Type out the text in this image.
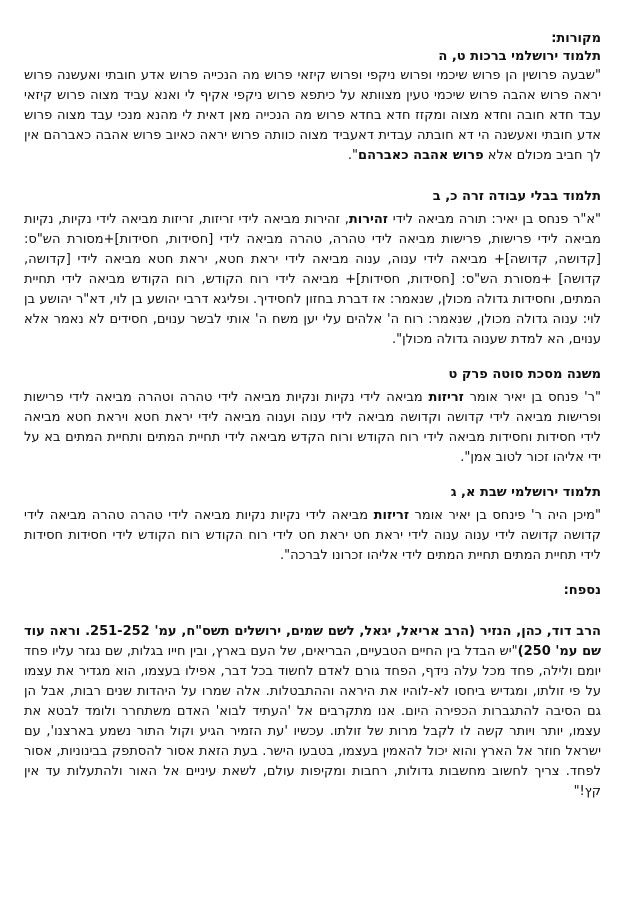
מקורות:
תלמוד ירושלמי ברכות ט, ה

"שבעה פרושין הן פרוש שיכמי ופרוש ניקפי ופרוש קיזאי פרוש מה הנכייה פרוש אדע חובתי ואעשנה פרוש יראה פרוש אהבה פרוש שיכמי טעין מצוותא על כיתפא פרוש ניקפי אקיף לי ואנא עביד מצוה פרוש קיזאי עבד חדא חובה וחדא מצוה ומקזז חדא בחדא פרוש מה הנכייה מאן דאית לי מהנא מנכי עבד מצוה פרוש אדע חובתי ואעשנה הי דא חובתה עבדית דאעביד מצוה כוותה פרוש יראה כאיוב פרוש אהבה כאברהם אין לך חביב מכולם אלא פרוש אהבה כאברהם".

תלמוד בבלי עבודה זרה כ, ב

"א"ר פנחס בן יאיר: תורה מביאה לידי זהירות, זהירות מביאה לידי זריזות, זריזות מביאה לידי נקיות, נקיות מביאה לידי פרישות, פרישות מביאה לידי טהרה, טהרה מביאה לידי [חסידות, חסידות]+מסורת הש"ס: [קדושה, קדושה]+ מביאה לידי ענוה, ענוה מביאה לידי יראת חטא, יראת חטא מביאה לידי [קדושה, קדושה] +מסורת הש"ס: [חסידות, חסידות]+ מביאה לידי רוח הקודש, רוח הקודש מביאה לידי תחיית המתים, וחסידות גדולה מכולן, שנאמר: אז דברת בחזון לחסידיך. ופליגא דרבי יהושע בן לוי, דא"ר יהושע בן לוי: ענוה גדולה מכולן, שנאמר: רוח ה' אלהים עלי יען משח ה' אותי לבשר ענוים, חסידים לא נאמר אלא ענוים, הא למדת שענוה גדולה מכולן".

משנה מסכת סוטה פרק ט

"ר' פנחס בן יאיר אומר זריזות מביאה לידי נקיות ונקיות מביאה לידי טהרה וטהרה מביאה לידי פרישות ופרישות מביאה לידי קדושה וקדושה מביאה לידי ענוה וענוה מביאה לידי יראת חטא ויראת חטא מביאה לידי חסידות וחסידות מביאה לידי רוח הקודש ורוח הקדש מביאה לידי תחיית המתים ותחיית המתים בא על ידי אליהו זכור לטוב אמן".

תלמוד ירושלמי שבת א, ג

"מיכן היה ר' פינחס בן יאיר אומר זריזות מביאה לידי נקיות נקיות מביאה לידי טהרה טהרה מביאה לידי קדושה קדושה לידי ענוה ענוה לידי יראת חט יראת חט לידי רוח הקודש רוח הקודש לידי חסידות חסידות לידי תחיית המתים תחיית המתים לידי אליהו זכרונו לברכה".

נספח:

הרב דוד, כהן, הנזיר (הרב אריאל, יגאל, לשם שמים, ירושלים תשס"ח, עמ' 251-252. וראה עוד שם עמ' 250)"יש הבדל בין החיים הטבעיים, הבריאים, של העם בארץ, ובין חייו בגלות, שם נגזר עליו פחד יומם ולילה, פחד מכל עלה נידף, הפחד גורם לאדם לחשוד בכל דבר, אפילו בעצמו, הוא מגדיר את עצמו על פי זולתו, ומגדיש ביחסו לא-לוהיו את היראה וההתבטלות. אלה שמרו על היהדות שנים רבות, אבל הן גם הסיבה להתגברות הכפירה היום. אנו מתקרבים אל 'העתיד לבוא' האדם משתחרר ולומד לבטא את עצמו, יותר ויותר קשה לו לקבל מרות של זולתו. עכשיו 'עת הזמיר הגיע וקול התור נשמע בארצנו', עם ישראל חוזר אל הארץ והוא יכול להאמין בעצמו, בטבעו הישר. בעת הזאת אסור להסתפק בבינוניות, אסור לפחד. צריך לחשוב מחשבות גדולות, רחבות ומקיפות עולם, לשאת עיניים אל האור ולהתעלות עד אין קץ!"
